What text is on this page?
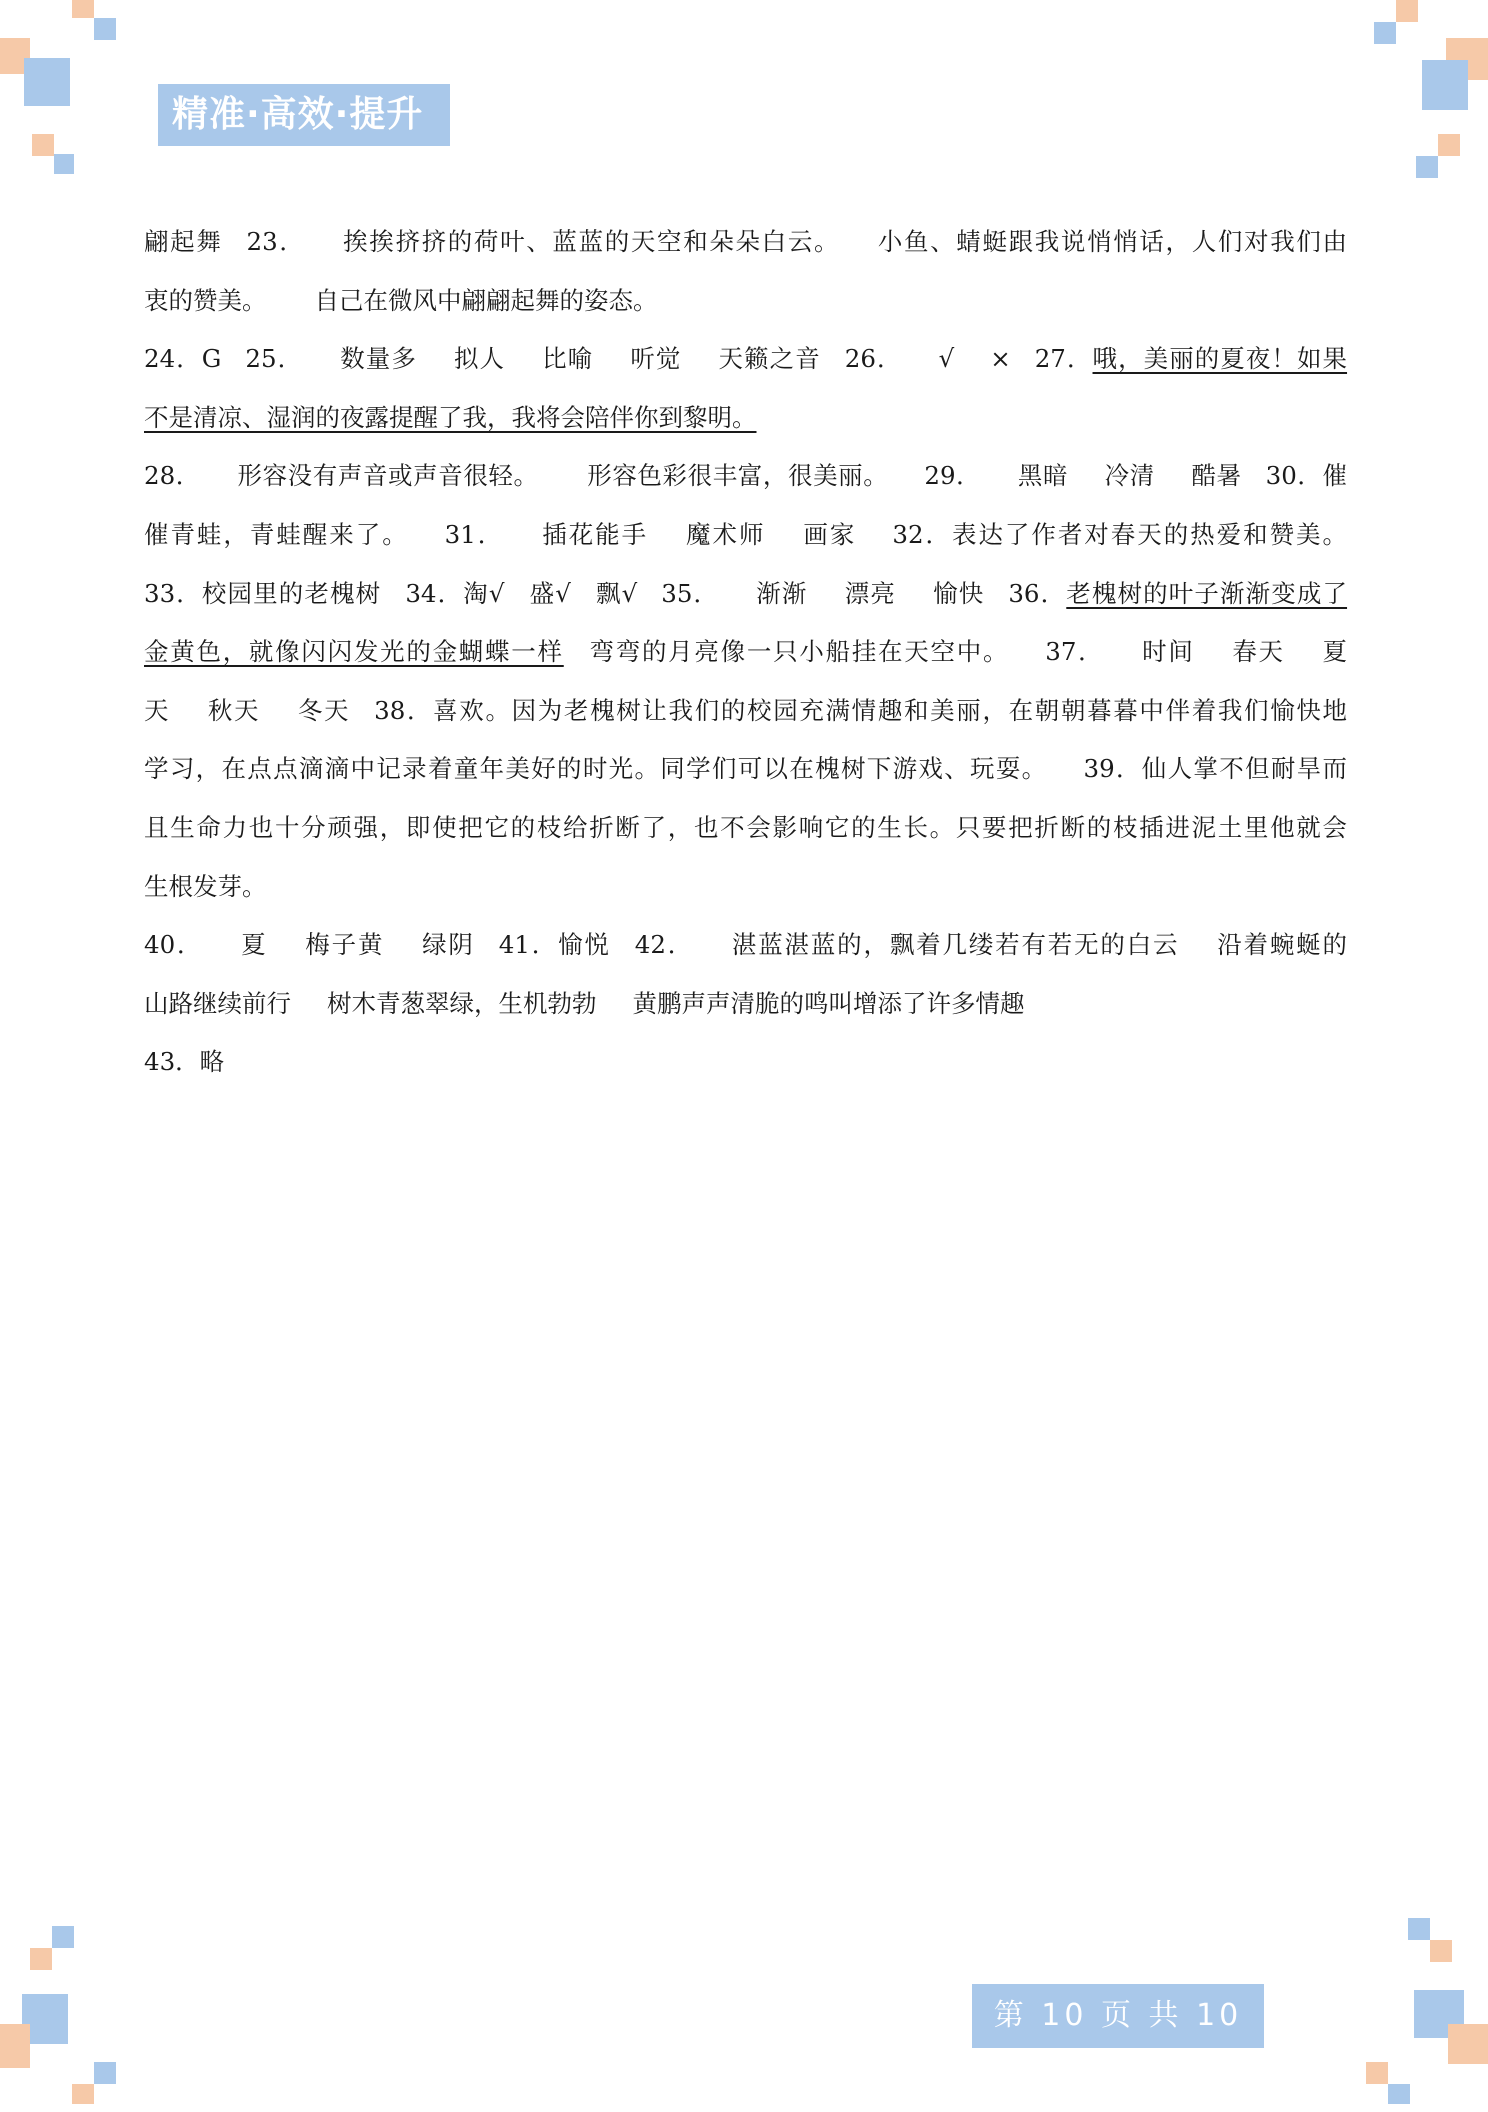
精准·高效·提升
翩起舞 23． 挨挨挤挤的荷叶、蓝蓝的天空和朵朵白云。 小鱼、蜻蜓跟我说悄悄话，人们对我们由
衷的赞美。 自己在微风中翩翩起舞的姿态。
24．G 25． 数量多 拟人 比喻 听觉 天籁之音 26． √ × 27．哦，美丽的夏夜！如果
不是清凉、湿润的夜露提醒了我，我将会陪伴你到黎明。
28． 形容没有声音或声音很轻。 形容色彩很丰富，很美丽。 29． 黑暗 冷清 酷暑 30．催
催青蛙，青蛙醒来了。 31． 插花能手 魔术师 画家 32．表达了作者对春天的热爱和赞美。
33．校园里的老槐树 34．淘√ 盛√ 飘√ 35． 渐渐 漂亮 愉快 36．老槐树的叶子渐渐变成了
金黄色，就像闪闪发光的金蝴蝶一样 弯弯的月亮像一只小船挂在天空中。 37． 时间 春天 夏
天 秋天 冬天 38．喜欢。因为老槐树让我们的校园充满情趣和美丽，在朝朝暮暮中伴着我们愉快地
学习，在点点滴滴中记录着童年美好的时光。同学们可以在槐树下游戏、玩耍。 39．仙人掌不但耐旱而
且生命力也十分顽强，即使把它的枝给折断了，也不会影响它的生长。只要把折断的枝插进泥土里他就会
生根发芽。
40． 夏 梅子黄 绿阴 41．愉悦 42． 湛蓝湛蓝的，飘着几缕若有若无的白云 沿着蜿蜒的
山路继续前行 树木青葱翠绿，生机勃勃 黄鹏声声清脆的鸣叫增添了许多情趣
43．略
第 10 页 共 10 页
